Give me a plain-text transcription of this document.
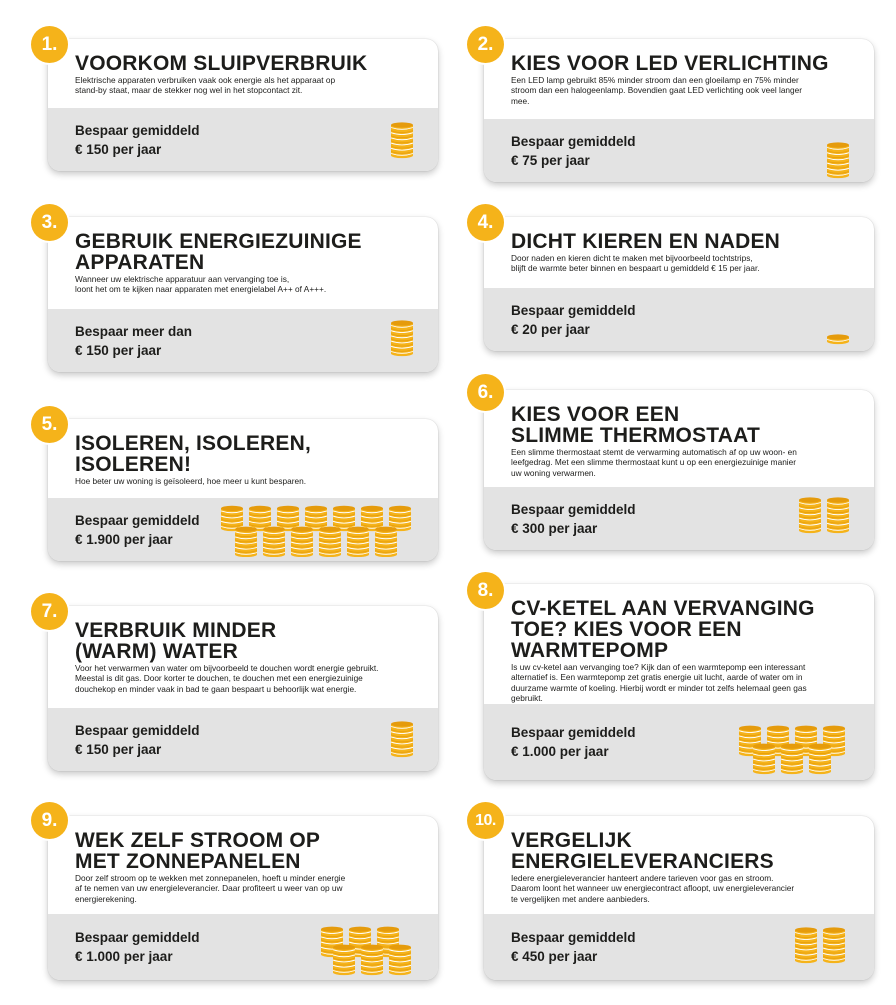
VOORKOM SLUIPVERBRUIK
Elektrische apparaten verbruiken vaak ook energie als het apparaat op
stand-by staat, maar de stekker nog wel in het stopcontact zit.
Bespaar gemiddeld
€ 150 per jaar
1.
KIES VOOR LED VERLICHTING
Een LED lamp gebruikt 85% minder stroom dan een gloeilamp en 75% minder
stroom dan een halogeenlamp. Bovendien gaat LED verlichting ook veel langer
mee.
Bespaar gemiddeld
€ 75 per jaar
2.
GEBRUIK ENERGIEZUINIGE
APPARATEN
Wanneer uw elektrische apparatuur aan vervanging toe is,
loont het om te kijken naar apparaten met energielabel A++ of A+++.
Bespaar meer dan
€ 150 per jaar
3.
DICHT KIEREN EN NADEN
Door naden en kieren dicht te maken met bijvoorbeeld tochtstrips,
blijft de warmte beter binnen en bespaart u gemiddeld € 15 per jaar.
Bespaar gemiddeld
€ 20 per jaar
4.
ISOLEREN, ISOLEREN,
ISOLEREN!
Hoe beter uw woning is geïsoleerd, hoe meer u kunt besparen.
Bespaar gemiddeld
€ 1.900 per jaar
5.	KIES VOOR EEN
SLIMME THERMOSTAAT
Een slimme thermostaat stemt de verwarming automatisch af op uw woon- en
leefgedrag. Met een slimme thermostaat kunt u op een energiezuinige manier
uw woning verwarmen.
Bespaar gemiddeld
€ 300 per jaar
6.
VERBRUIK MINDER
(WARM) WATER
Voor het verwarmen van water om bijvoorbeeld te douchen wordt energie gebruikt.
Meestal is dit gas. Door korter te douchen, te douchen met een energiezuinige
douchekop en minder vaak in bad te gaan bespaart u behoorlijk wat energie.
Bespaar gemiddeld
€ 150 per jaar
7.	CV-KETEL AAN VERVANGING
TOE? KIES VOOR EEN
WARMTEPOMP
Is uw cv-ketel aan vervanging toe? Kijk dan of een warmtepomp een interessant
alternatief is. Een warmtepomp zet gratis energie uit lucht, aarde of water om in
duurzame warmte of koeling. Hierbij wordt er minder tot zelfs helemaal geen gas
gebruikt.
Bespaar gemiddeld
€ 1.000 per jaar
8.
WEK ZELF STROOM OP
MET ZONNEPANELEN
Door zelf stroom op te wekken met zonnepanelen, hoeft u minder energie
af te nemen van uw energieleverancier. Daar profiteert u weer van op uw
energierekening.
Bespaar gemiddeld
€ 1.000 per jaar
9.
VERGELIJK
ENERGIELEVERANCIERS
Iedere energieleverancier hanteert andere tarieven voor gas en stroom.
Daarom loont het wanneer uw energiecontract afloopt, uw energieleverancier
te vergelijken met andere aanbieders.
Bespaar gemiddeld
€ 450 per jaar
10.
